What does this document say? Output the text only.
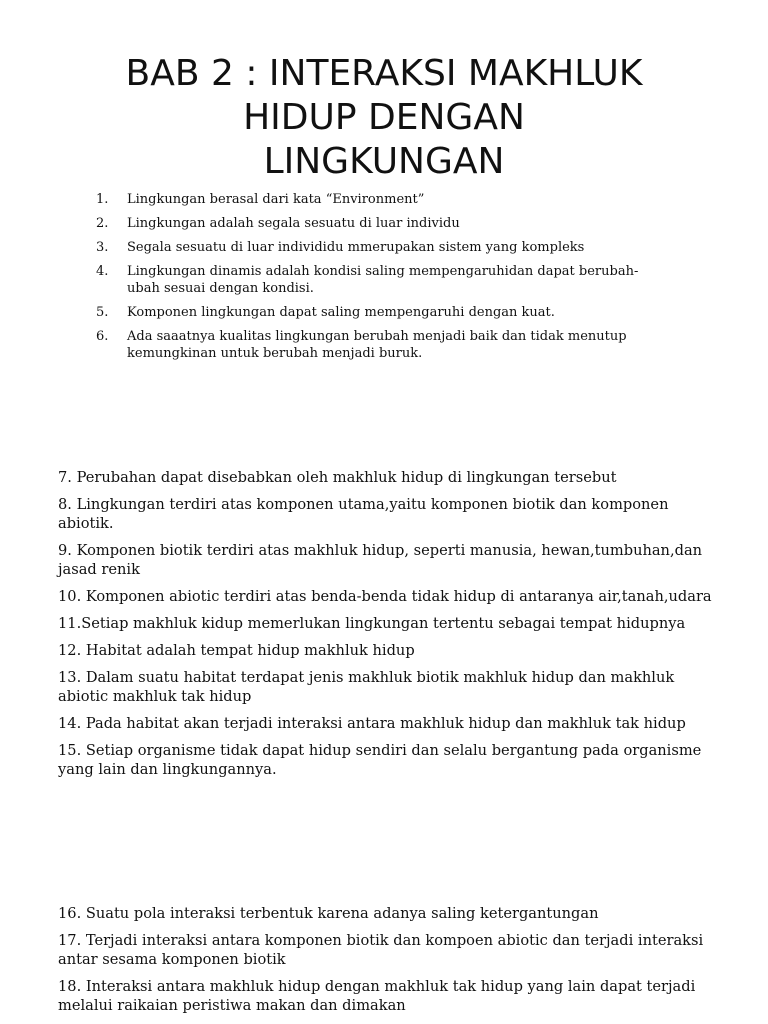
BAB 2 : INTERAKSI MAKHLUK
HIDUP DENGAN
LINGKUNGAN
1.	Lingkungan berasal dari kata “Environment”
2.	Lingkungan adalah segala sesuatu di luar individu
3.	Segala sesuatu di luar individidu mmerupakan sistem yang kompleks
4.	Lingkungan dinamis adalah kondisi saling mempengaruhidan dapat berubah-ubah sesuai dengan kondisi.
5.	Komponen lingkungan dapat saling mempengaruhi dengan kuat.
6.	Ada saaatnya kualitas lingkungan berubah menjadi baik dan tidak menutup kemungkinan untuk berubah menjadi buruk.

7. Perubahan dapat disebabkan oleh makhluk hidup di lingkungan tersebut

8. Lingkungan terdiri atas komponen utama,yaitu komponen biotik dan komponen abiotik.

9. Komponen biotik terdiri atas makhluk hidup, seperti manusia, hewan,tumbuhan,dan jasad renik

10. Komponen abiotic terdiri atas benda-benda tidak hidup di antaranya air,tanah,udara

11.Setiap makhluk kidup memerlukan lingkungan tertentu sebagai tempat hidupnya

12. Habitat adalah tempat hidup makhluk hidup

13. Dalam suatu habitat terdapat jenis makhluk biotik makhluk hidup dan makhluk abiotic makhluk tak hidup

14. Pada habitat akan terjadi interaksi antara makhluk hidup dan makhluk tak hidup

15. Setiap organisme tidak dapat hidup sendiri dan selalu bergantung pada organisme yang lain dan lingkungannya.

16. Suatu pola interaksi terbentuk karena adanya saling ketergantungan

17. Terjadi interaksi antara komponen biotik dan kompoen abiotic dan terjadi interaksi antar sesama komponen biotik

18. Interaksi antara makhluk hidup dengan makhluk tak hidup yang lain dapat terjadi melalui raikaian peristiwa makan dan dimakan
